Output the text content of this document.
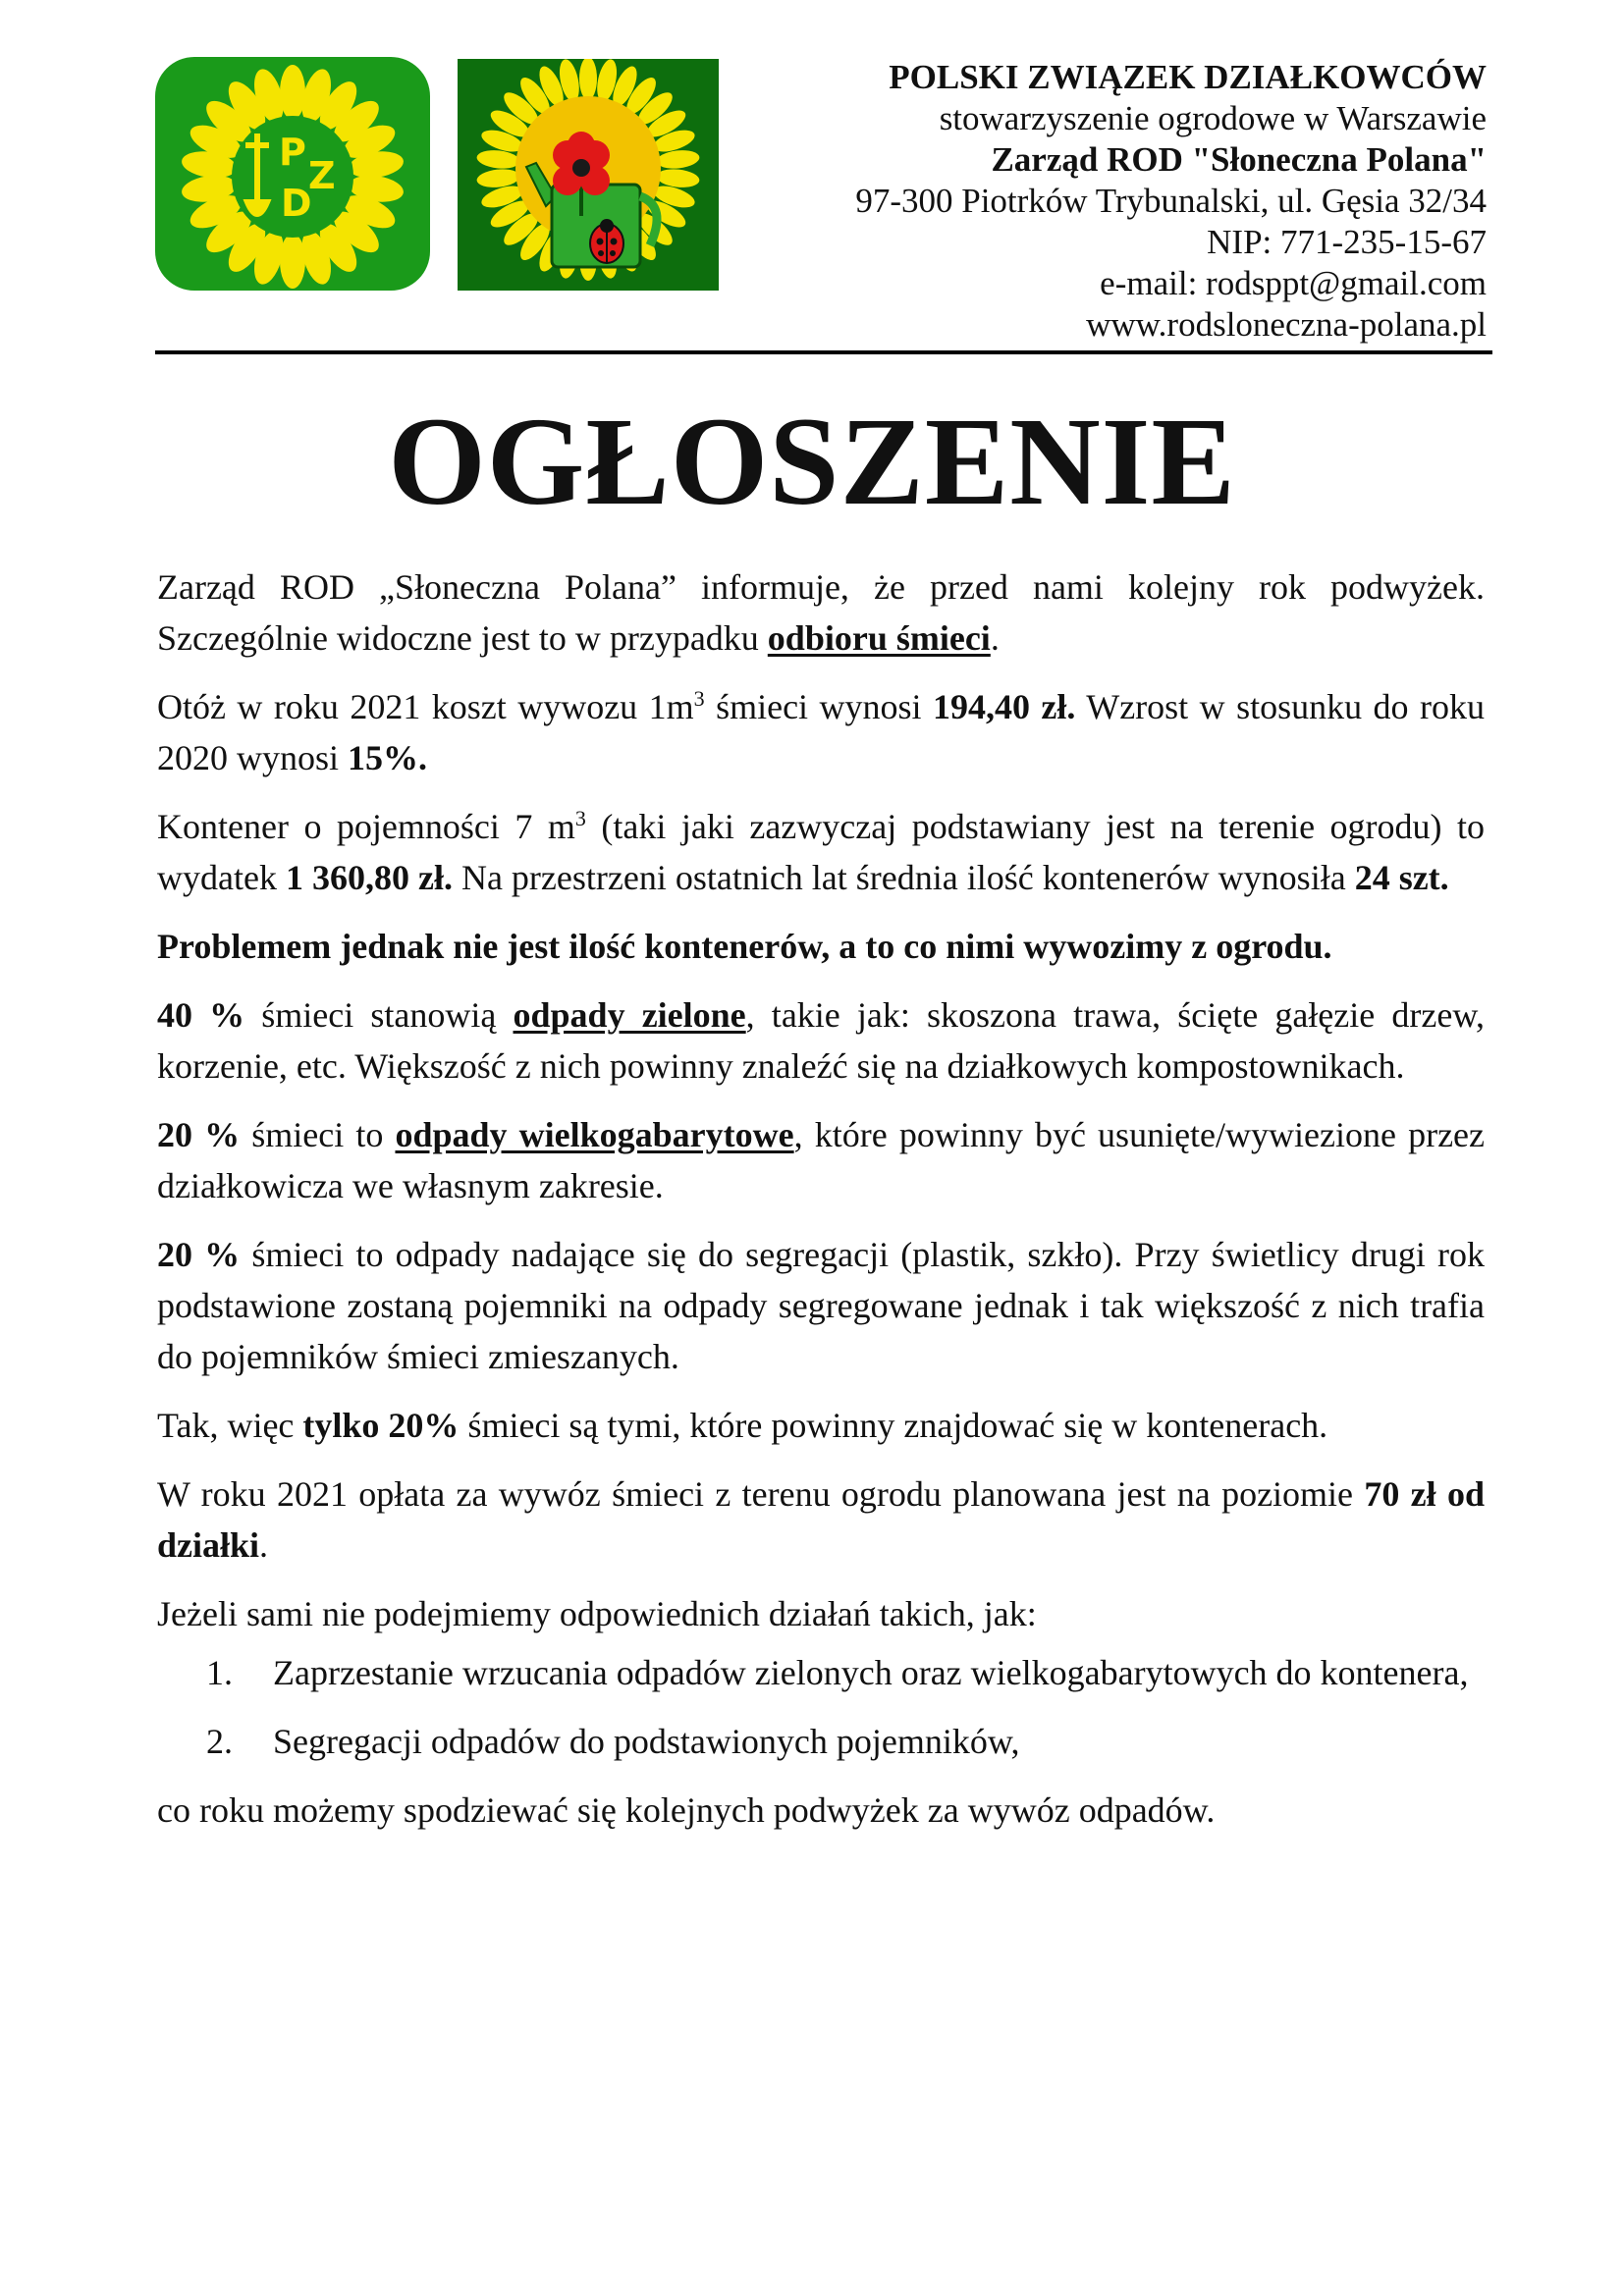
P
Z
D
POLSKI ZWIĄZEK DZIAŁKOWCÓW
stowarzyszenie ogrodowe w Warszawie
Zarząd ROD "Słoneczna Polana"
97-300 Piotrków Trybunalski, ul. Gęsia 32/34
NIP: 771-235-15-67
e-mail: rodsppt@gmail.com
www.rodsloneczna-polana.pl
OGŁOSZENIE

Zarząd ROD „Słoneczna Polana” informuje, że przed nami kolejny rok podwyżek. Szczególnie widoczne jest to w przypadku odbioru śmieci.

Otóż w roku 2021 koszt wywozu $1m^3$ śmieci wynosi 194,40 zł. Wzrost w stosunku do roku 2020 wynosi 15%.

Kontener o pojemności 7 $m^3$ (taki jaki zazwyczaj podstawiany jest na terenie ogrodu) to wydatek 1 360,80 zł. Na przestrzeni ostatnich lat średnia ilość kontenerów wynosiła 24 szt.

Problemem jednak nie jest ilość kontenerów, a to co nimi wywozimy z ogrodu.

40 % śmieci stanowią odpady zielone, takie jak: skoszona trawa, ścięte gałęzie drzew, korzenie, etc. Większość z nich powinny znaleźć się na działkowych kompostownikach.

20 % śmieci to odpady wielkogabarytowe, które powinny być usunięte/wywiezione przez działkowicza we własnym zakresie.

20 % śmieci to odpady nadające się do segregacji (plastik, szkło). Przy świetlicy drugi rok podstawione zostaną pojemniki na odpady segregowane jednak i tak większość z nich trafia do pojemników śmieci zmieszanych.

Tak, więc tylko 20% śmieci są tymi, które powinny znajdować się w kontenerach.

W roku 2021 opłata za wywóz śmieci z terenu ogrodu planowana jest na poziomie 70 zł od działki.

Jeżeli sami nie podejmiemy odpowiednich działań takich, jak:

1. Zaprzestanie wrzucania odpadów zielonych oraz wielkogabarytowych do kontenera,
2. Segregacji odpadów do podstawionych pojemników,

co roku możemy spodziewać się kolejnych podwyżek za wywóz odpadów.
